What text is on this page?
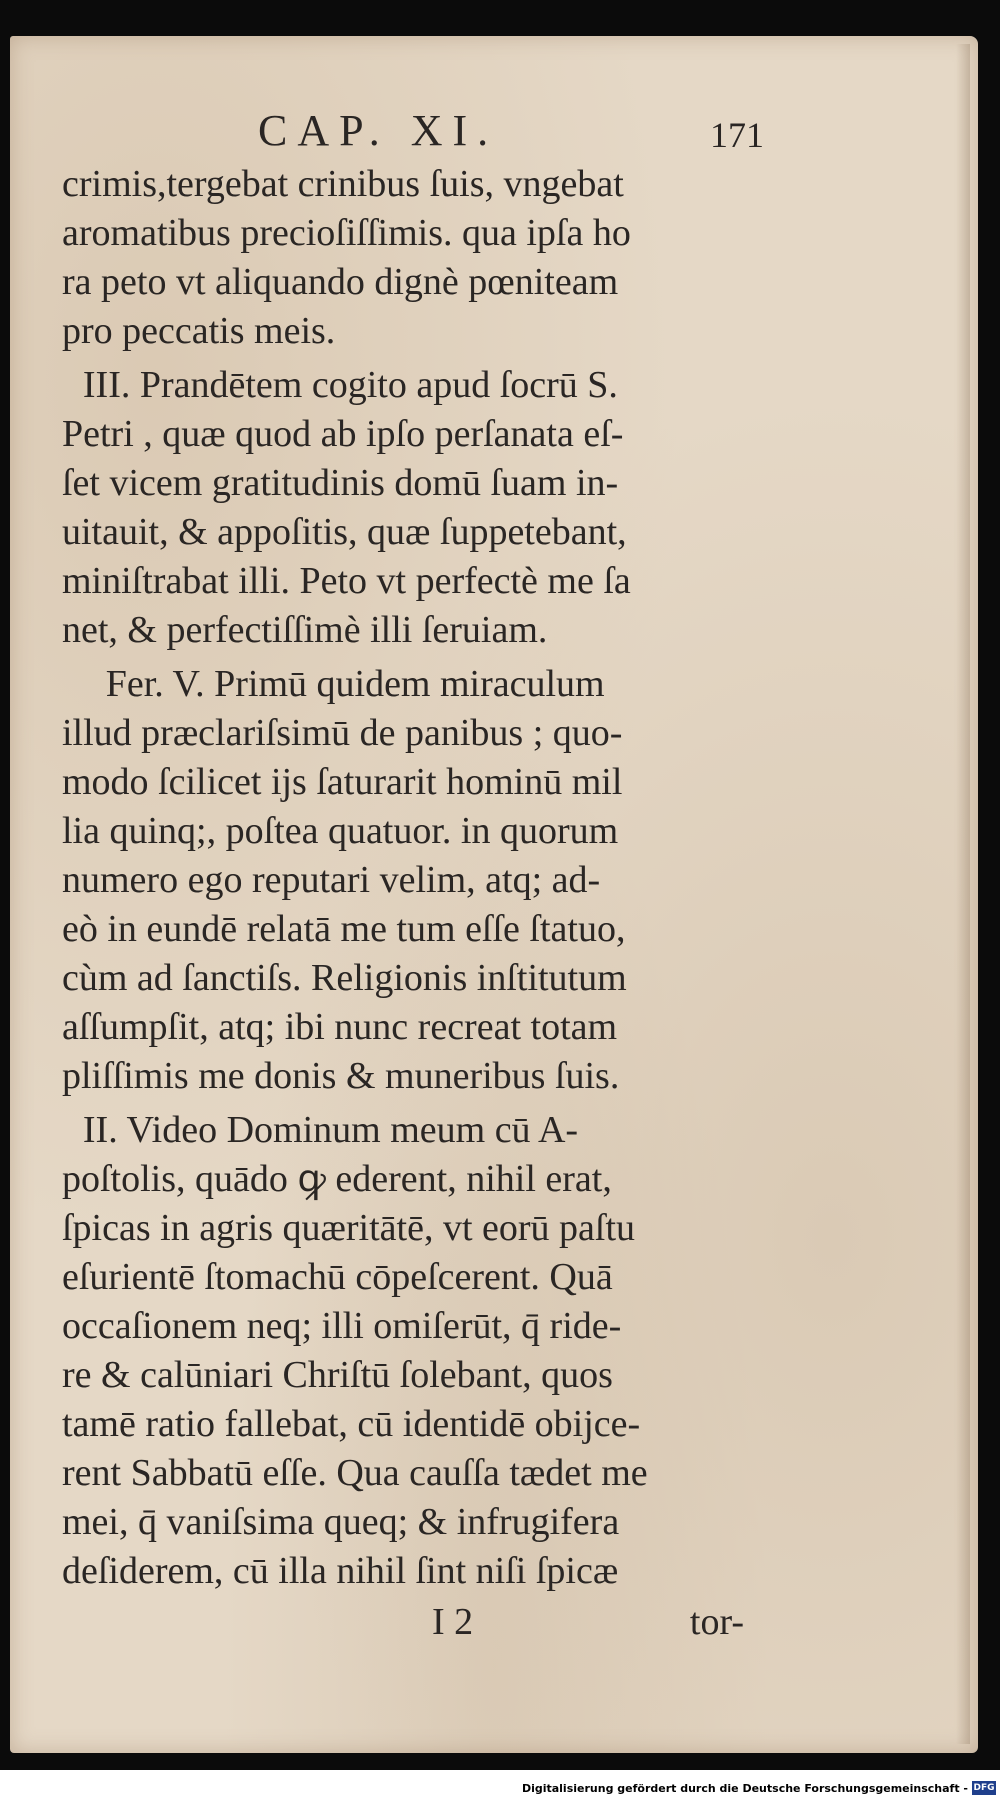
CAP. XI.	171
crimis,tergebat crinibus ſuis, vngebat
aromatibus precioſiſſimis. qua ipſa ho
ra peto vt aliquando dignè pœniteam
pro peccatis meis.
III. Prandētem cogito apud ſocrū S.
Petri , quæ quod ab ipſo perſanata eſ-
ſet vicem gratitudinis domū ſuam in-
uitauit, & appoſitis, quæ ſuppetebant,
miniſtrabat illi. Peto vt perfectè me ſa
net, & perfectiſſimè illi ſeruiam.
Fer. V. Primū quidem miraculum
illud præclariſsimū de panibus ; quo-
modo ſcilicet ijs ſaturarit hominū mil
lia quinq;, poſtea quatuor. in quorum
numero ego reputari velim, atq; ad-
eò in eundē relatā me tum eſſe ſtatuo,
cùm ad ſanctiſs. Religionis inſtitutum
aſſumpſit, atq; ibi nunc recreat totam
pliſſimis me donis & muneribus ſuis.
II. Video Dominum meum cū A-
poſtolis, quādo ꝙ ederent, nihil erat,
ſpicas in agris quæritātē, vt eorū paſtu
eſurientē ſtomachū cōpeſcerent. Quā
occaſionem neq; illi omiſerūt, q̄ ride-
re & calūniari Chriſtū ſolebant, quos
tamē ratio fallebat, cū identidē obijce-
rent Sabbatū eſſe. Qua cauſſa tædet me
mei, q̄ vaniſsima queq; & infrugifera
deſiderem, cū illa nihil ſint niſi ſpicæ
I 2	tor-
Digitalisierung gefördert durch die Deutsche Forschungsgemeinschaft - DFG
